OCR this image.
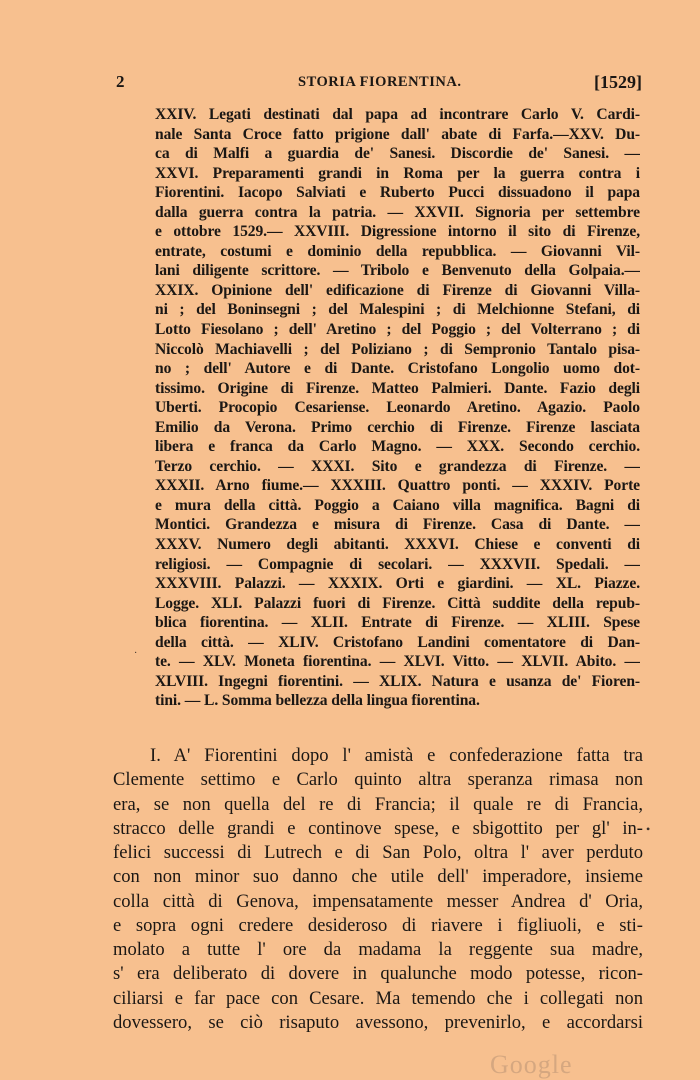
2	STORIA FIORENTINA.	[1529]
XXIV. Legati destinati dal papa ad incontrare Carlo V. Cardi-
nale Santa Croce fatto prigione dall' abate di Farfa.—XXV. Du-
ca di Malfi a guardia de' Sanesi. Discordie de' Sanesi. —
XXVI. Preparamenti grandi in Roma per la guerra contra i
Fiorentini. Iacopo Salviati e Ruberto Pucci dissuadono il papa
dalla guerra contra la patria. — XXVII. Signoria per settembre
e ottobre 1529.— XXVIII. Digressione intorno il sito di Firenze,
entrate, costumi e dominio della repubblica. — Giovanni Vil-
lani diligente scrittore. — Tribolo e Benvenuto della Golpaia.—
XXIX. Opinione dell' edificazione di Firenze di Giovanni Villa-
ni ; del Boninsegni ; del Malespini ; di Melchionne Stefani, di
Lotto Fiesolano ; dell' Aretino ; del Poggio ; del Volterrano ; di
Niccolò Machiavelli ; del Poliziano ; di Sempronio Tantalo pisa-
no ; dell' Autore e di Dante. Cristofano Longolio uomo dot-
tissimo. Origine di Firenze. Matteo Palmieri. Dante. Fazio degli
Uberti. Procopio Cesariense. Leonardo Aretino. Agazio. Paolo
Emilio da Verona. Primo cerchio di Firenze. Firenze lasciata
libera e franca da Carlo Magno. — XXX. Secondo cerchio.
Terzo cerchio. — XXXI. Sito e grandezza di Firenze. —
XXXII. Arno fiume.— XXXIII. Quattro ponti. — XXXIV. Porte
e mura della città. Poggio a Caiano villa magnifica. Bagni di
Montici. Grandezza e misura di Firenze. Casa di Dante. —
XXXV. Numero degli abitanti. XXXVI. Chiese e conventi di
religiosi. — Compagnie di secolari. — XXXVII. Spedali. —
XXXVIII. Palazzi. — XXXIX. Orti e giardini. — XL. Piazze.
Logge. XLI. Palazzi fuori di Firenze. Città suddite della repub-
blica fiorentina. — XLII. Entrate di Firenze. — XLIII. Spese
della città. — XLIV. Cristofano Landini comentatore di Dan-
te. — XLV. Moneta fiorentina. — XLVI. Vitto. — XLVII. Abito. —
XLVIII. Ingegni fiorentini. — XLIX. Natura e usanza de' Fioren-
tini. — L. Somma bellezza della lingua fiorentina.
I. A' Fiorentini dopo l' amistà e confederazione fatta tra
Clemente settimo e Carlo quinto altra speranza rimasa non
era, se non quella del re di Francia; il quale re di Francia,
stracco delle grandi e continove spese, e sbigottito per gl' in-
felici successi di Lutrech e di San Polo, oltra l' aver perduto
con non minor suo danno che utile dell' imperadore, insieme
colla città di Genova, impensatamente messer Andrea d' Oria,
e sopra ogni credere desideroso di riavere i figliuoli, e sti-
molato a tutte l' ore da madama la reggente sua madre,
s' era deliberato di dovere in qualunche modo potesse, ricon-
ciliarsi e far pace con Cesare. Ma temendo che i collegati non
dovessero, se ciò risaputo avessono, prevenirlo, e accordarsi
·
•
Google
